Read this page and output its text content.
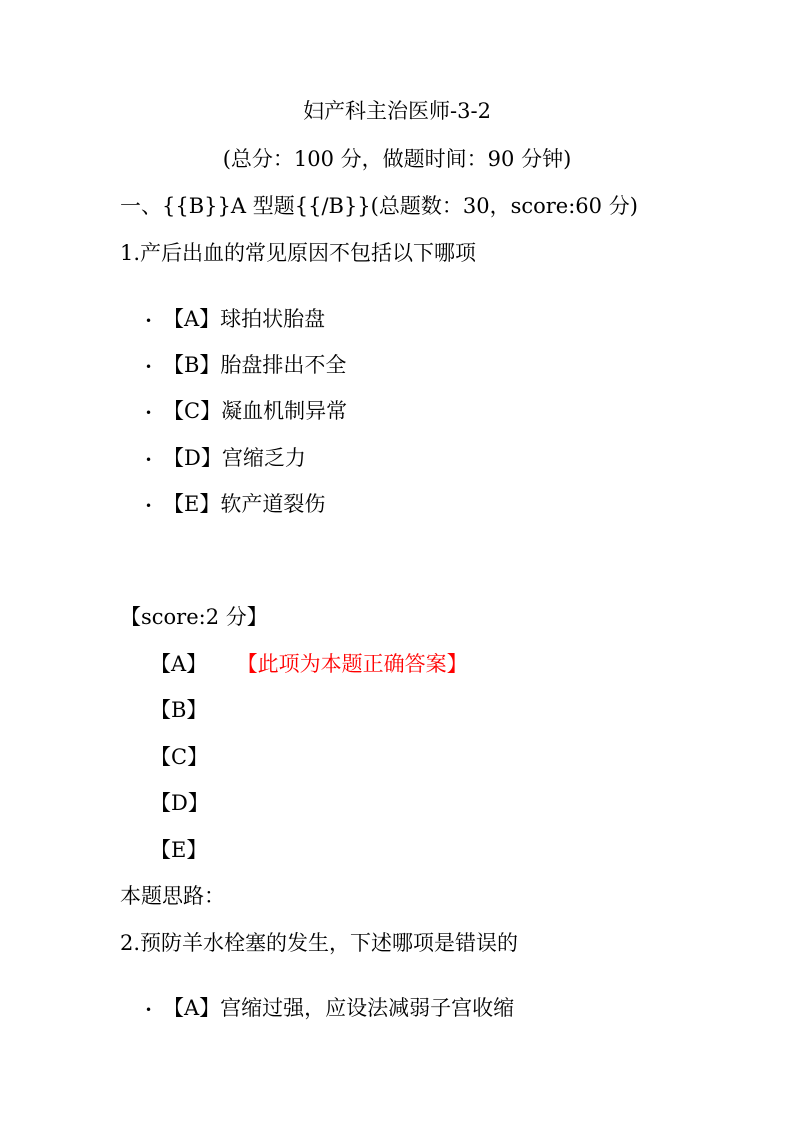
妇产科主治医师-3-2
(总分：100 分，做题时间：90 分钟)
一、{{B}}A 型题{{/B}}(总题数：30，score:60 分)
1.产后出血的常见原因不包括以下哪项
• 【A】球拍状胎盘
• 【B】胎盘排出不全
• 【C】凝血机制异常
• 【D】宫缩乏力
• 【E】软产道裂伤
【score:2 分】
【A】 【此项为本题正确答案】
【B】
【C】
【D】
【E】
本题思路：
2.预防羊水栓塞的发生，下述哪项是错误的
• 【A】宫缩过强，应设法减弱子宫收缩
